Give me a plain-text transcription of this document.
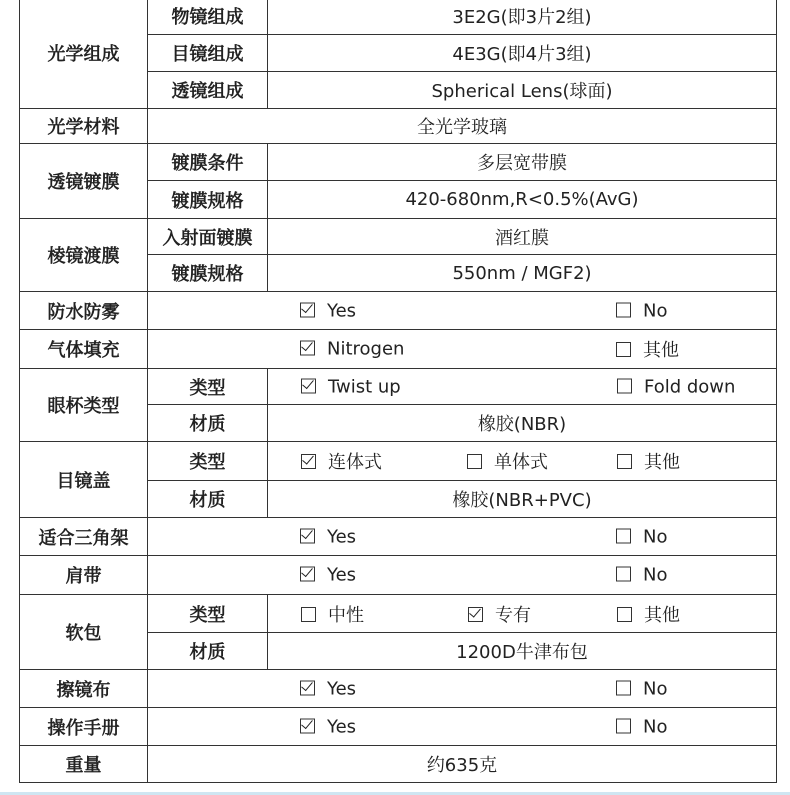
光学组成	物镜组成	3E2G(即3片2组)
	目镜组成	4E3G(即4片3组)
	透镜组成	Spherical Lens(球面)
光学材料	全光学玻璃	
透镜镀膜	镀膜条件	多层宽带膜
	镀膜规格	420-680nm,R<0.5%(AvG)
棱镜渡膜	入射面镀膜	酒红膜
	镀膜规格	550nm / MGF2)
防水防雾	Yes No	

气体填充	Nitrogen 其他	

眼杯类型	类型	Twist up Fold down

	材质	橡胶(NBR)
目镜盖	类型	连体式 单体式 其他

	材质	橡胶(NBR+PVC)
适合三角架	Yes No	

肩带	Yes No	

软包	类型	中性 专有 其他

	材质	1200D牛津布包
擦镜布	Yes No	

操作手册	Yes No	

重量	约635克	
